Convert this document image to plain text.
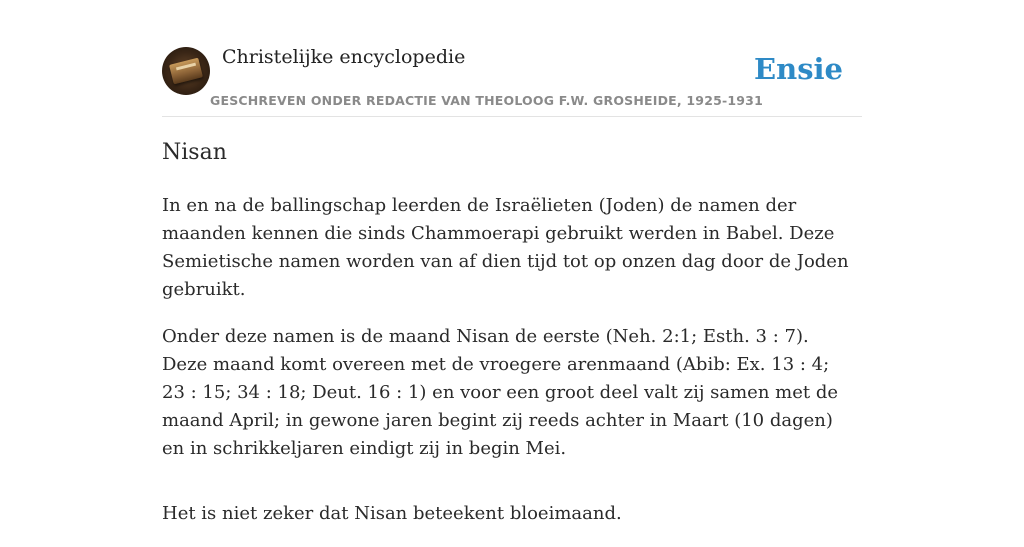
Christelijke encyclopedie
GESCHREVEN ONDER REDACTIE VAN THEOLOOG F.W. GROSHEIDE, 1925-1931
Ensie
Nisan

In en na de ballingschap leerden de Israëlieten (Joden) de namen der maanden kennen die sinds Chammoerapi gebruikt werden in Babel. Deze Semietische namen worden van af dien tijd tot op onzen dag door de Joden gebruikt.

Onder deze namen is de maand Nisan de eerste (Neh. 2:1; Esth. 3 : 7). Deze maand komt overeen met de vroegere arenmaand (Abib: Ex. 13 : 4; 23 : 15; 34 : 18; Deut. 16 : 1) en voor een groot deel valt zij samen met de maand April; in gewone jaren begint zij reeds achter in Maart (10 dagen) en in schrikkeljaren eindigt zij in begin Mei.

Het is niet zeker dat Nisan beteekent bloeimaand.
